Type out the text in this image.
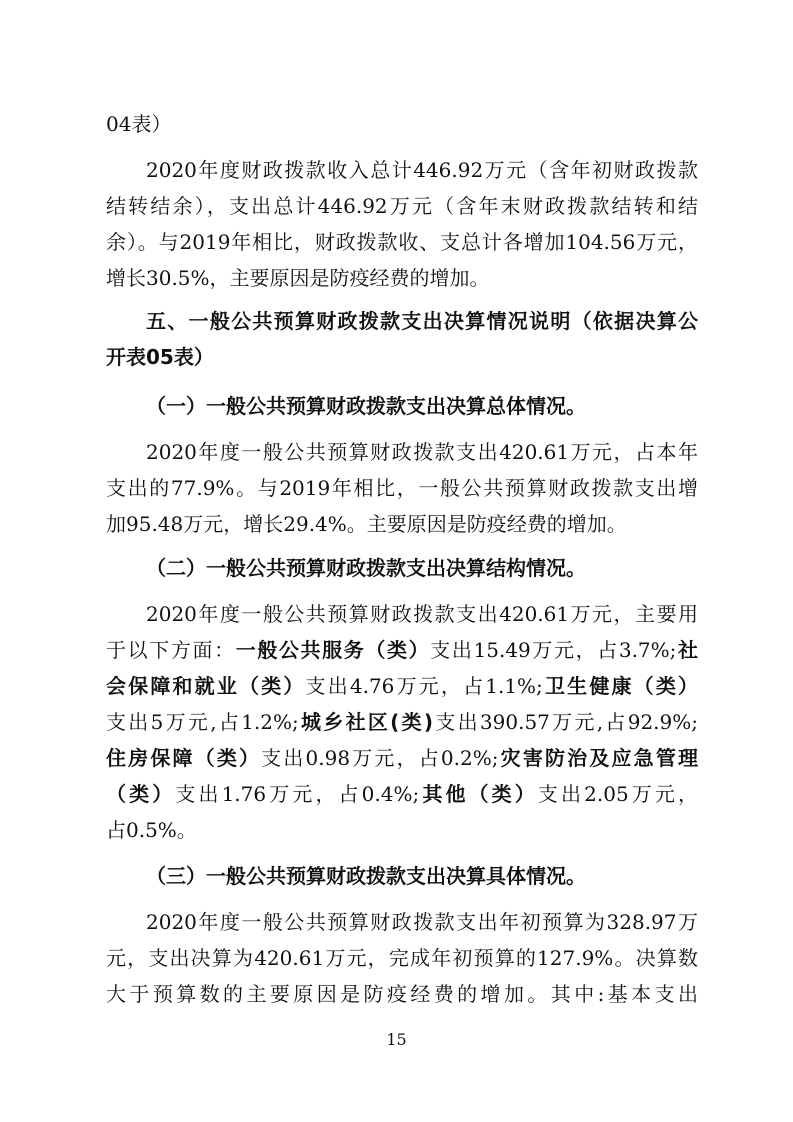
04表）
2020年度财政拨款收入总计446.92万元（含年初财政拨款
结转结余），支出总计446.92万元（含年末财政拨款结转和结
余）。与2019年相比，财政拨款收、支总计各增加104.56万元，
增长30.5%，主要原因是防疫经费的增加。
五、一般公共预算财政拨款支出决算情况说明（依据决算公
开表05表）
（一）一般公共预算财政拨款支出决算总体情况。
2020年度一般公共预算财政拨款支出420.61万元，占本年
支出的77.9%。与2019年相比，一般公共预算财政拨款支出增
加95.48万元，增长29.4%。主要原因是防疫经费的增加。
（二）一般公共预算财政拨款支出决算结构情况。
2020年度一般公共预算财政拨款支出420.61万元，主要用
于以下方面：一般公共服务（类）支出15.49万元，占3.7%;社
会保障和就业（类）支出4.76万元，占1.1%;卫生健康（类）
支出5万元,占1.2%;城乡社区(类)支出390.57万元,占92.9%;
住房保障（类）支出0.98万元，占0.2%;灾害防治及应急管理
（类）支出1.76万元，占0.4%;其他（类）支出2.05万元，
占0.5%。
（三）一般公共预算财政拨款支出决算具体情况。
2020年度一般公共预算财政拨款支出年初预算为328.97万
元，支出决算为420.61万元，完成年初预算的127.9%。决算数
大于预算数的主要原因是防疫经费的增加。其中:基本支出
15
